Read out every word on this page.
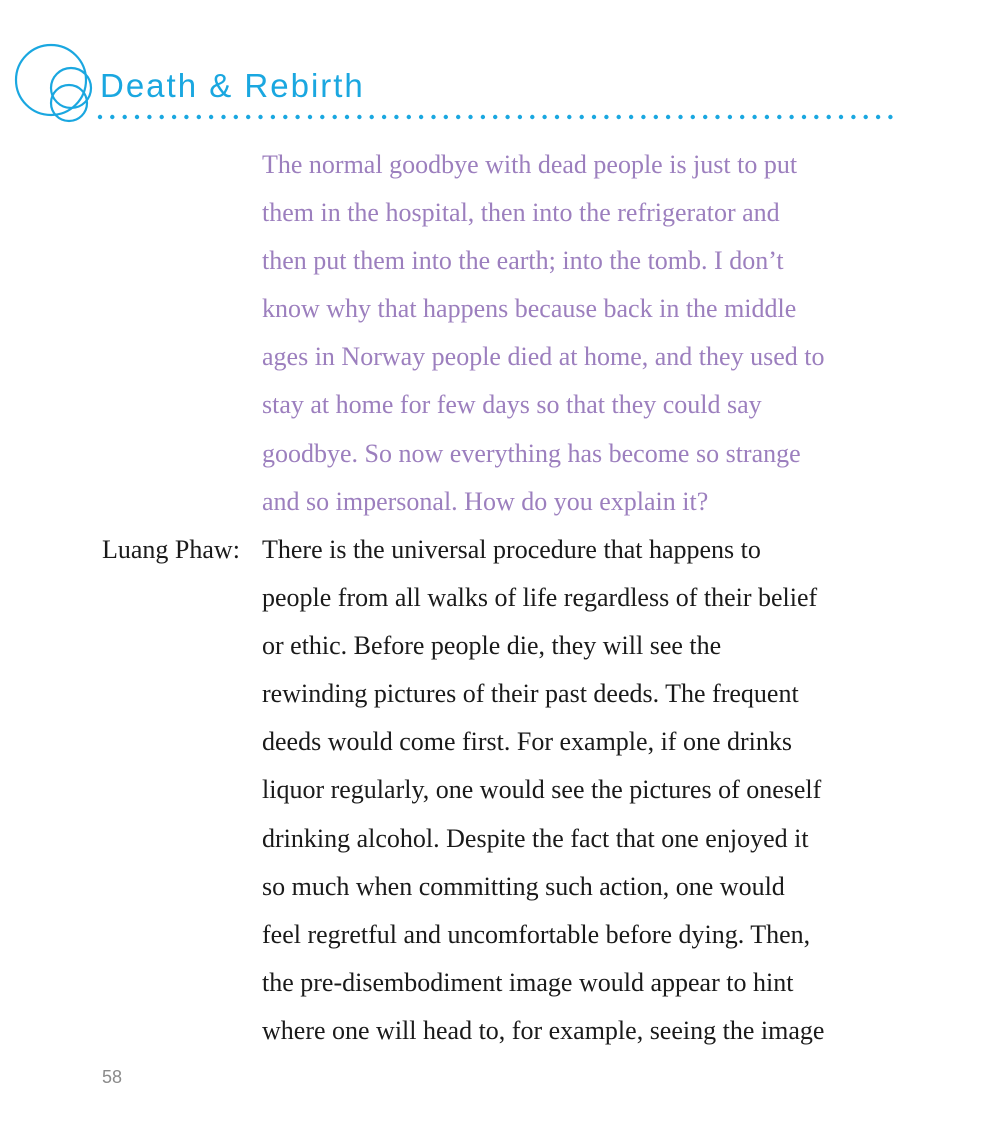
Death & Rebirth
The normal goodbye with dead people is just to put
them in the hospital, then into the refrigerator and
then put them into the earth; into the tomb. I don’t
know why that happens because back in the middle
ages in Norway people died at home, and they used to
stay at home for few days so that they could say
goodbye. So now everything has become so strange
and so impersonal. How do you explain it?
Luang Phaw: There is the universal procedure that happens to
people from all walks of life regardless of their belief
or ethic. Before people die, they will see the
rewinding pictures of their past deeds. The frequent
deeds would come first. For example, if one drinks
liquor regularly, one would see the pictures of oneself
drinking alcohol. Despite the fact that one enjoyed it
so much when committing such action, one would
feel regretful and uncomfortable before dying. Then,
the pre-disembodiment image would appear to hint
where one will head to, for example, seeing the image
58
